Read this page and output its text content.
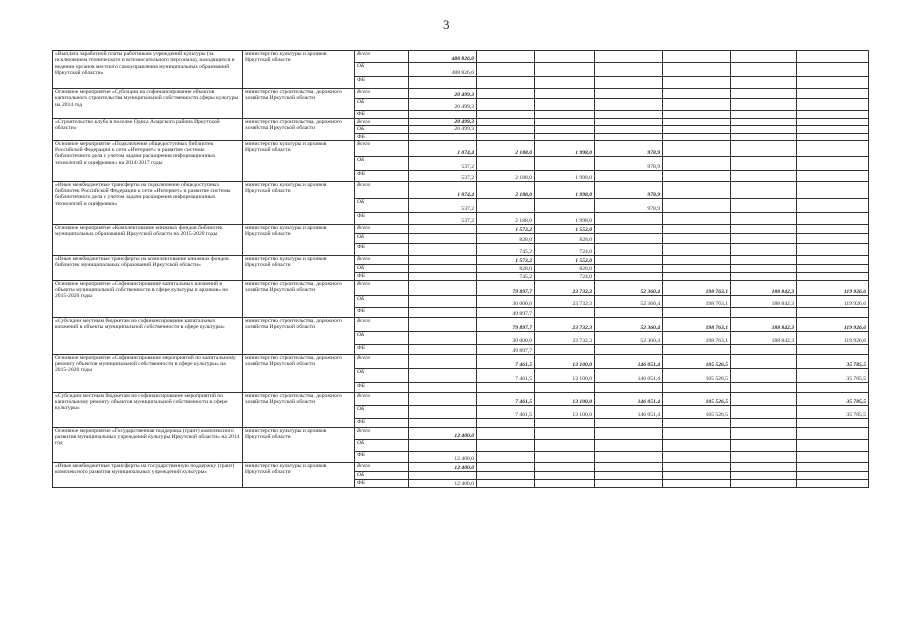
3
«Выплата заработной платы работникам учреждений культуры (за исключением технического и вспомогательного персонала), находящихся в ведении органов местного самоуправления муниципальных образований Иркутской области»	министерство культуры и архивов Иркутской области	Всего	488 826,0						
		ОБ	488 826,0						
		ФБ							
Основное мероприятие «Субсидии на софинансирование объектов капитального строительства муниципальной собственности сферы культуры на 2014 год	министерство строительства, дорожного хозяйства Иркутской области	Всего	20 499,3						
		ОБ	20 499,3						
		ФБ							
«Строительство клуба в поселке Одиса Аларского района Иркутской области»	министерство строительства, дорожного хозяйства Иркутской области	Всего	20 499,3						
		ОБ	20 499,3						
		ФБ							
Основное мероприятие «Подключение общедоступных библиотек Российской Федерации к сети «Интернет» и развитие системы библиотечного дела с учетом задачи расширения информационных технологий и оцифровки» на 2014-2017 годы	министерство культуры и архивов Иркутской области	Всего	1 074,4	2 188,0	1 998,0	978,9			
		ОБ	537,2			978,9			
		ФБ	537,2	2 188,0	1 998,0				
«Иные межбюджетные трансферты на подключение общедоступных библиотек Российской Федерации к сети «Интернет» и развитие системы библиотечного дела с учетом задачи расширения информационных технологий и оцифровки»	министерство культуры и архивов Иркутской области	Всего	1 074,4	2 188,0	1 998,0	978,9			
		ОБ	537,2			978,9			
		ФБ	537,2	2 188,0	1 998,0				
Основное мероприятие «Комплектование книжных фондов библиотек муниципальных образований Иркутской области на 2015-2020 годы	министерство культуры и архивов Иркутской области	Всего		1 573,2	1 552,0				
		ОБ		828,0	828,0				
		ФБ		745,2	724,0				
«Иные межбюджетные трансферты на комплектование книжных фондов библиотек муниципальных образований Иркутской области»	министерство культуры и архивов Иркутской области	Всего		1 573,2	1 552,0				
		ОБ		828,0	828,0				
		ФБ		745,2	724,0				
Основное мероприятие «Софинансирование капитальных вложений в объекты муниципальной собственности в сфере культуры и архивов» на 2015-2020 годы	министерство строительства, дорожного хозяйства Иркутской области	Всего		79 897,7	23 732,3	52 360,4	198 763,1	188 842,3	119 926,6
		ОБ		30 000,0	23 732,3	52 360,4	198 763,1	188 842,3	119 926,6
		ФБ		49 897,7					
«Субсидии местным бюджетам на софинансирование капитальных вложений в объекты муниципальной собственности в сфере культуры»	министерство строительства, дорожного хозяйства Иркутской области	Всего		79 897,7	23 732,3	52 360,4	198 763,1	188 842,3	119 926,6
		ОБ		30 000,0	23 732,3	52 360,4	198 763,1	188 842,3	119 926,6
		ФБ		49 897,7					
Основное мероприятие «Софинансирование мероприятий по капитальному ремонту объектов муниципальной собственности в сфере культуры» на 2015-2020 годы	министерство строительства, дорожного хозяйства Иркутской области	Всего		7 461,5	13 100,0	146 051,4	105 526,5		35 785,5
		ОБ		7 461,5	13 100,0	146 051,4	105 526,5		35 785,5
		ФБ							
«Субсидии местным бюджетам на софинансирование мероприятий по капитальному ремонту объектов муниципальной собственности в сфере культуры»	министерство строительства, дорожного хозяйства Иркутской области	Всего		7 461,5	13 100,0	146 051,4	105 526,5		35 785,5
		ОБ		7 461,5	13 100,0	146 051,4	105 526,5		35 785,5
		ФБ							
Основное мероприятие «Государственная поддержка (грант) комплексного развития муниципальных учреждений культуры Иркутской области» на 2014 год	министерство культуры и архивов Иркутской области	Всего	12 400,0						
		ОБ							
		ФБ	12 400,0						
«Иные межбюджетные трансферты на государственную поддержку (грант) комплексного развития муниципальных учреждений культуры»	министерство культуры и архивов Иркутской области	Всего	12 400,0						
		ОБ							
		ФБ	12 400,0						
